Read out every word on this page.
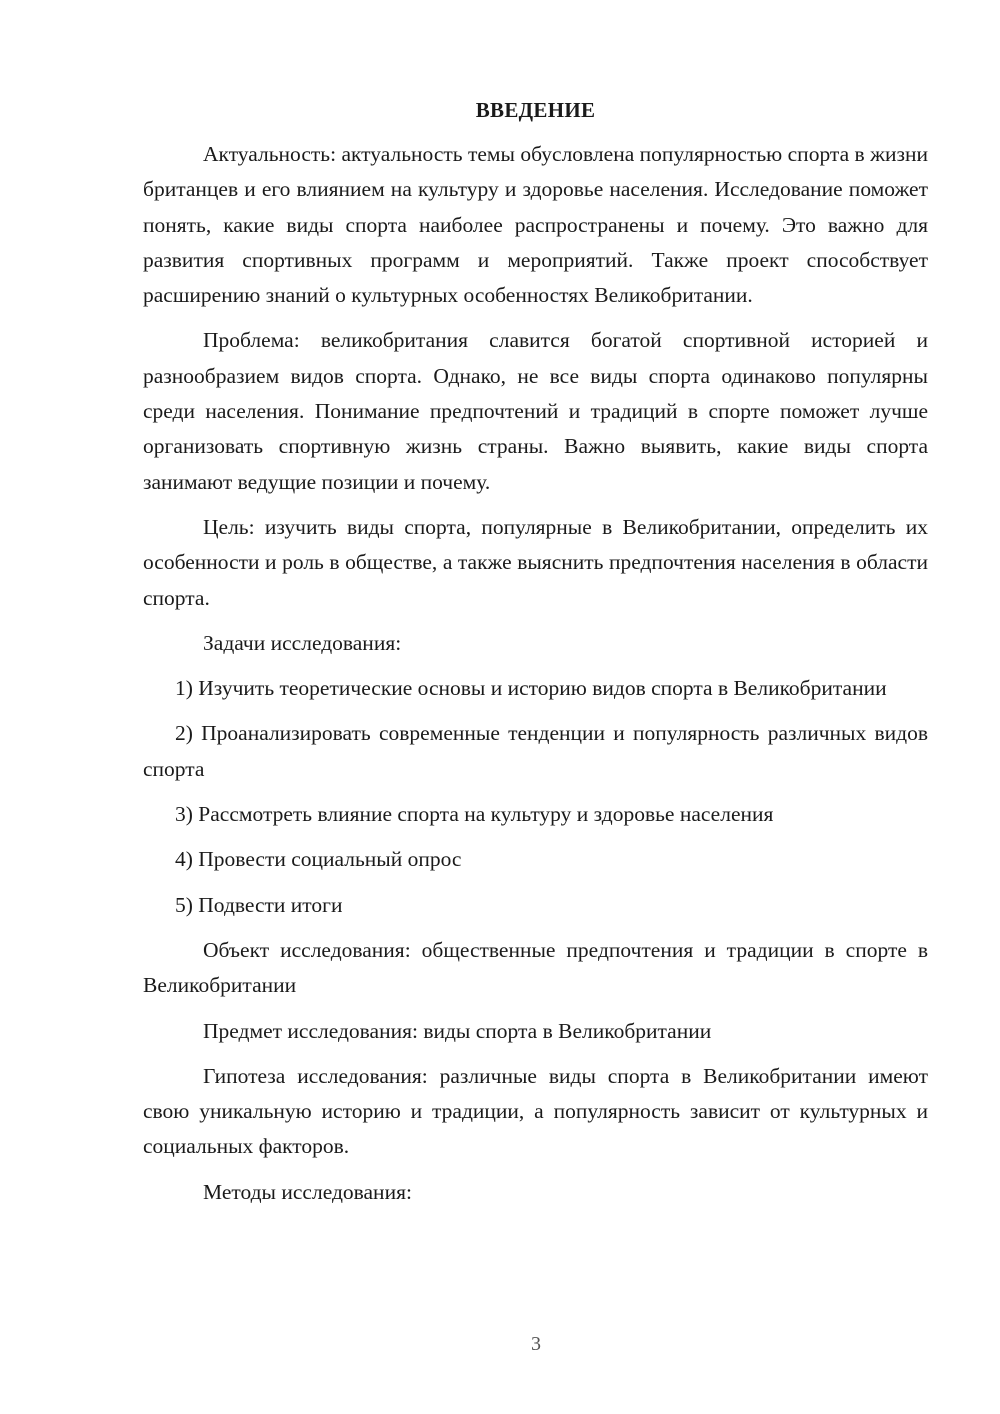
ВВЕДЕНИЕ

Актуальность: актуальность темы обусловлена популярностью спорта в жизни британцев и его влиянием на культуру и здоровье населения. Исследование поможет понять, какие виды спорта наиболее распространены и почему. Это важно для развития спортивных программ и мероприятий. Также проект способствует расширению знаний о культурных особенностях Великобритании.

Проблема: великобритания славится богатой спортивной историей и разнообразием видов спорта. Однако, не все виды спорта одинаково популярны среди населения. Понимание предпочтений и традиций в спорте поможет лучше организовать спортивную жизнь страны. Важно выявить, какие виды спорта занимают ведущие позиции и почему.

Цель: изучить виды спорта, популярные в Великобритании, определить их особенности и роль в обществе, а также выяснить предпочтения населения в области спорта.

Задачи исследования:

1) Изучить теоретические основы и историю видов спорта в Великобритании

2) Проанализировать современные тенденции и популярность различных видов спорта

3) Рассмотреть влияние спорта на культуру и здоровье населения

4) Провести социальный опрос

5) Подвести итоги

Объект исследования: общественные предпочтения и традиции в спорте в Великобритании

Предмет исследования: виды спорта в Великобритании

Гипотеза исследования: различные виды спорта в Великобритании имеют свою уникальную историю и традиции, а популярность зависит от культурных и социальных факторов.

Методы исследования:

3
